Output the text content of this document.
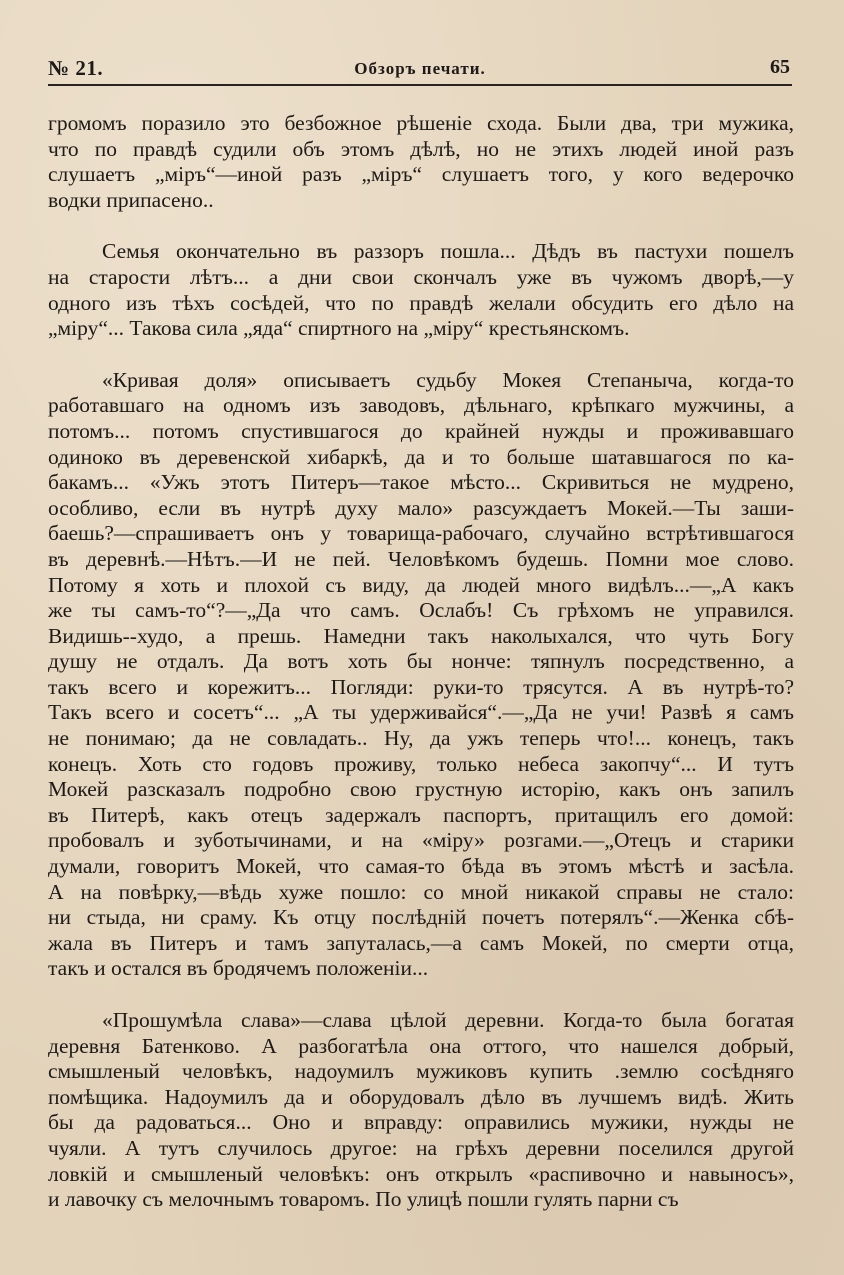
№ 21.	Обзоръ печати.	65
громомъ поразило это безбожное рѣшеніе схода. Были два, три мужика,
что по правдѣ судили объ этомъ дѣлѣ, но не этихъ людей иной разъ
слушаетъ „міръ“—иной разъ „міръ“ слушаетъ того, у кого ведерочко
водки припасено..
Семья окончательно въ раззоръ пошла... Дѣдъ въ пастухи пошелъ
на старости лѣтъ... а дни свои скончалъ уже въ чужомъ дворѣ,—у
одного изъ тѣхъ сосѣдей, что по правдѣ желали обсудить его дѣло на
„міру“... Такова сила „яда“ спиртного на „міру“ крестьянскомъ.
«Кривая доля» описываетъ судьбу Мокея Степаныча, когда-то
работавшаго на одномъ изъ заводовъ, дѣльнаго, крѣпкаго мужчины, а
потомъ... потомъ спустившагося до крайней нужды и проживавшаго
одиноко въ деревенской хибаркѣ, да и то больше шатавшагося по ка-
бакамъ... «Ужъ этотъ Питеръ—такое мѣсто... Скривиться не мудрено,
особливо, если въ нутрѣ духу мало» разсуждаетъ Мокей.—Ты заши-
баешь?—спрашиваетъ онъ у товарища-рабочаго, случайно встрѣтившагося
въ деревнѣ.—Нѣтъ.—И не пей. Человѣкомъ будешь. Помни мое слово.
Потому я хоть и плохой съ виду, да людей много видѣлъ...—„А какъ
же ты самъ-то“?—„Да что самъ. Ослабъ! Съ грѣхомъ не управился.
Видишь--худо, а прешь. Намедни такъ наколыхался, что чуть Богу
душу не отдалъ. Да вотъ хоть бы нонче: тяпнулъ посредственно, а
такъ всего и корежитъ... Погляди: руки-то трясутся. А въ нутрѣ-то?
Такъ всего и сосетъ“... „А ты удерживайся“.—„Да не учи! Развѣ я самъ
не понимаю; да не совладать.. Ну, да ужъ теперь что!... конецъ, такъ
конецъ. Хоть сто годовъ проживу, только небеса закопчу“... И тутъ
Мокей разсказалъ подробно свою грустную исторію, какъ онъ запилъ
въ Питерѣ, какъ отецъ задержалъ паспортъ, притащилъ его домой:
пробовалъ и зуботычинами, и на «міру» розгами.—„Отецъ и старики
думали, говоритъ Мокей, что самая-то бѣда въ этомъ мѣстѣ и засѣла.
А на повѣрку,—вѣдь хуже пошло: со мной никакой справы не стало:
ни стыда, ни сраму. Къ отцу послѣдній почетъ потерялъ“.—Женка сбѣ-
жала въ Питеръ и тамъ запуталась,—а самъ Мокей, по смерти отца,
такъ и остался въ бродячемъ положеніи...
«Прошумѣла слава»—слава цѣлой деревни. Когда-то была богатая
деревня Батенково. А разбогатѣла она оттого, что нашелся добрый,
смышленый человѣкъ, надоумилъ мужиковъ купить .землю сосѣдняго
помѣщика. Надоумилъ да и оборудовалъ дѣло въ лучшемъ видѣ. Жить
бы да радоваться... Оно и вправду: оправились мужики, нужды не
чуяли. А тутъ случилось другое: на грѣхъ деревни поселился другой
ловкій и смышленый человѣкъ: онъ открылъ «распивочно и навыносъ»,
и лавочку съ мелочнымъ товаромъ. По улицѣ пошли гулять парни съ
